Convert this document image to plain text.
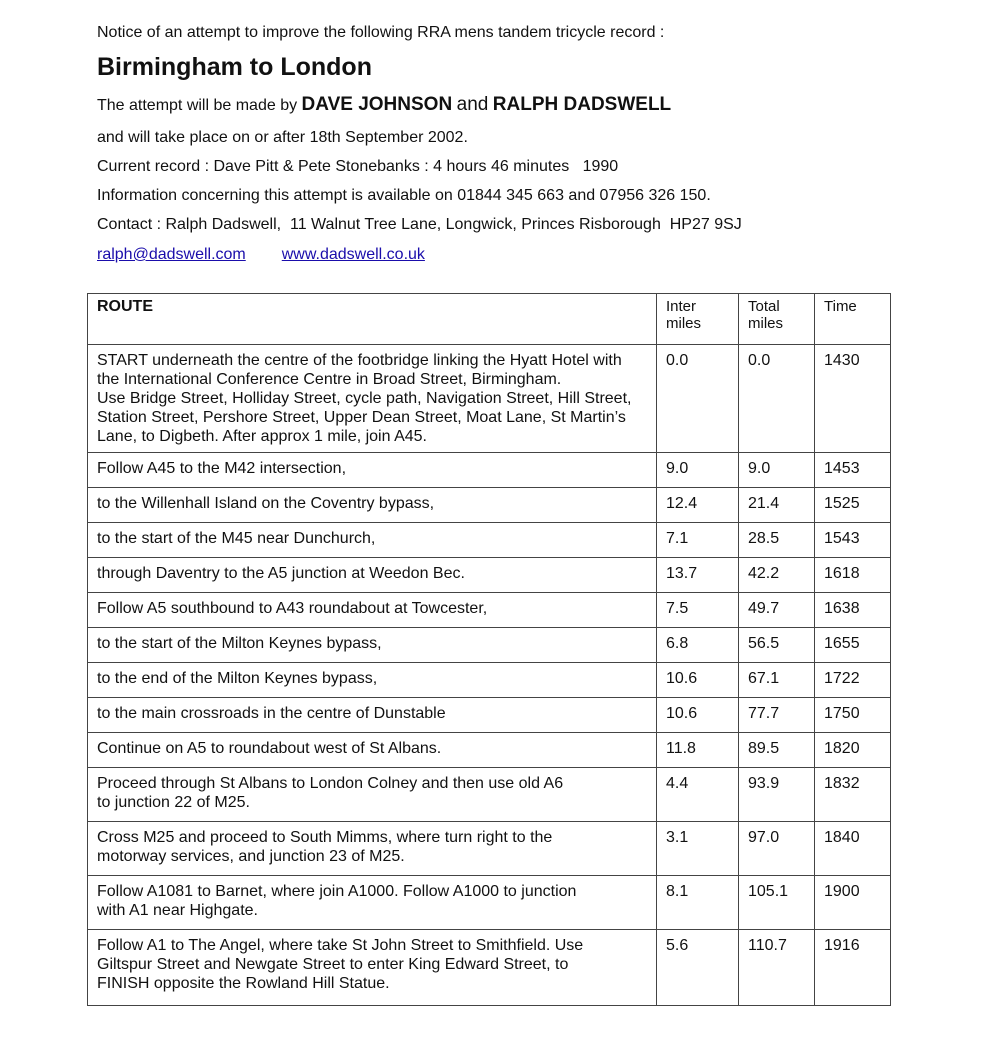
Notice of an attempt to improve the following RRA mens tandem tricycle record :
Birmingham to London
The attempt will be made by DAVE JOHNSON and RALPH DADSWELL
and will take place on or after 18th September 2002.
Current record : Dave Pitt & Pete Stonebanks : 4 hours 46 minutes   1990
Information concerning this attempt is available on 01844 345 663 and 07956 326 150.
Contact : Ralph Dadswell,  11 Walnut Tree Lane, Longwick, Princes Risborough  HP27 9SJ
ralph@dadswell.com www.dadswell.co.uk
ROUTE	Inter miles	Total miles	Time
START underneath the centre of the footbridge linking the Hyatt Hotel with the International Conference Centre in Broad Street, Birmingham.
Use Bridge Street, Holliday Street, cycle path, Navigation Street, Hill Street, Station Street, Pershore Street, Upper Dean Street, Moat Lane, St Martin’s Lane, to Digbeth. After approx 1 mile, join A45.	0.0	0.0	1430
Follow A45 to the M42 intersection,	9.0	9.0	1453
to the Willenhall Island on the Coventry bypass,	12.4	21.4	1525
to the start of the M45 near Dunchurch,	7.1	28.5	1543
through Daventry to the A5 junction at Weedon Bec.	13.7	42.2	1618
Follow A5 southbound to A43 roundabout at Towcester,	7.5	49.7	1638
to the start of the Milton Keynes bypass,	6.8	56.5	1655
to the end of the Milton Keynes bypass,	10.6	67.1	1722
to the main crossroads in the centre of Dunstable	10.6	77.7	1750
Continue on A5 to roundabout west of St Albans.	11.8	89.5	1820
Proceed through St Albans to London Colney and then use old A6
to junction 22 of M25.	4.4	93.9	1832
Cross M25 and proceed to South Mimms, where turn right to the
motorway services, and junction 23 of M25.	3.1	97.0	1840
Follow A1081 to Barnet, where join A1000. Follow A1000 to junction
with A1 near Highgate.	8.1	105.1	1900
Follow A1 to The Angel, where take St John Street to Smithfield. Use
Giltspur Street and Newgate Street to enter King Edward Street, to
FINISH opposite the Rowland Hill Statue.	5.6	110.7	1916
